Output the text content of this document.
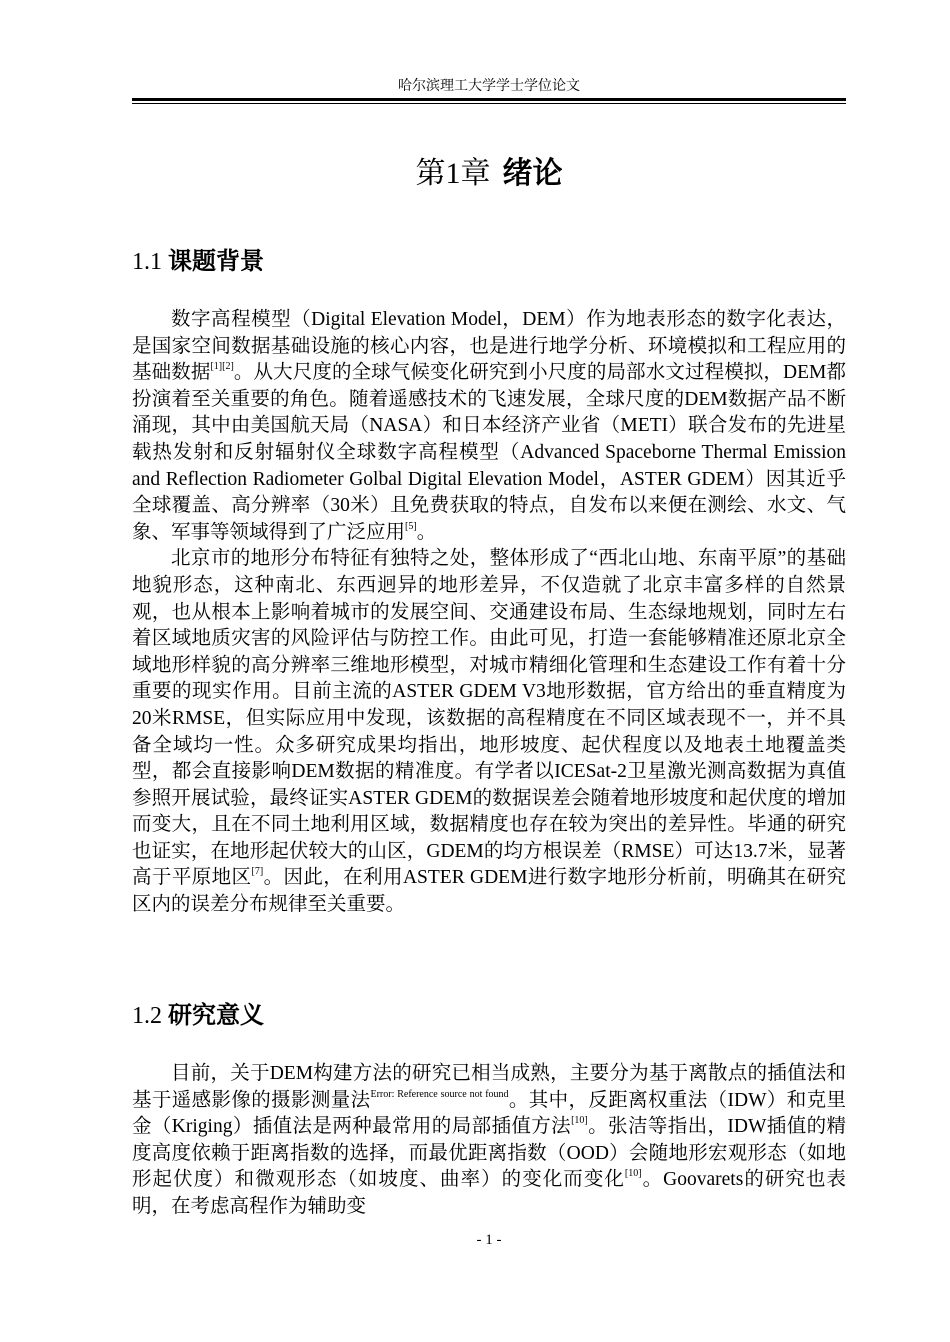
哈尔滨理工大学学士学位论文
第1章 绪论
1.1 课题背景

数字高程模型（Digital Elevation Model，DEM）作为地表形态的数字化表达，是国家空间数据基础设施的核心内容，也是进行地学分析、环境模拟和工程应用的基础数据[1][2]。从大尺度的全球气候变化研究到小尺度的局部水文过程模拟，DEM都扮演着至关重要的角色。随着遥感技术的飞速发展，全球尺度的DEM数据产品不断涌现，其中由美国航天局（NASA）和日本经济产业省（METI）联合发布的先进星载热发射和反射辐射仪全球数字高程模型（Advanced Spaceborne Thermal Emission and Reflection Radiometer Golbal Digital Elevation Model，ASTER GDEM）因其近乎全球覆盖、高分辨率（30米）且免费获取的特点，自发布以来便在测绘、水文、气象、军事等领域得到了广泛应用[5]。

北京市的地形分布特征有独特之处，整体形成了“西北山地、东南平原”的基础地貌形态，这种南北、东西迥异的地形差异，不仅造就了北京丰富多样的自然景观，也从根本上影响着城市的发展空间、交通建设布局、生态绿地规划，同时左右着区域地质灾害的风险评估与防控工作。由此可见，打造一套能够精准还原北京全域地形样貌的高分辨率三维地形模型，对城市精细化管理和生态建设工作有着十分重要的现实作用。目前主流的ASTER GDEM V3地形数据，官方给出的垂直精度为20米RMSE，但实际应用中发现，该数据的高程精度在不同区域表现不一，并不具备全域均一性。众多研究成果均指出，地形坡度、起伏程度以及地表土地覆盖类型，都会直接影响DEM数据的精准度。有学者以ICESat-2卫星激光测高数据为真值参照开展试验，最终证实ASTER GDEM的数据误差会随着地形坡度和起伏度的增加而变大，且在不同土地利用区域，数据精度也存在较为突出的差异性。毕通的研究也证实，在地形起伏较大的山区，GDEM的均方根误差（RMSE）可达13.7米，显著高于平原地区[7]。因此，在利用ASTER GDEM进行数字地形分析前，明确其在研究区内的误差分布规律至关重要。

1.2 研究意义

目前，关于DEM构建方法的研究已相当成熟，主要分为基于离散点的插值法和基于遥感影像的摄影测量法$^{Error: Reference source not found}$。其中，反距离权重法（IDW）和克里金（Kriging）插值法是两种最常用的局部插值方法[10]。张洁等指出，IDW插值的精度高度依赖于距离指数的选择，而最优距离指数（OOD）会随地形宏观形态（如地形起伏度）和微观形态（如坡度、曲率）的变化而变化[10]。Goovarets的研究也表明，在考虑高程作为辅助变

- 1 -
